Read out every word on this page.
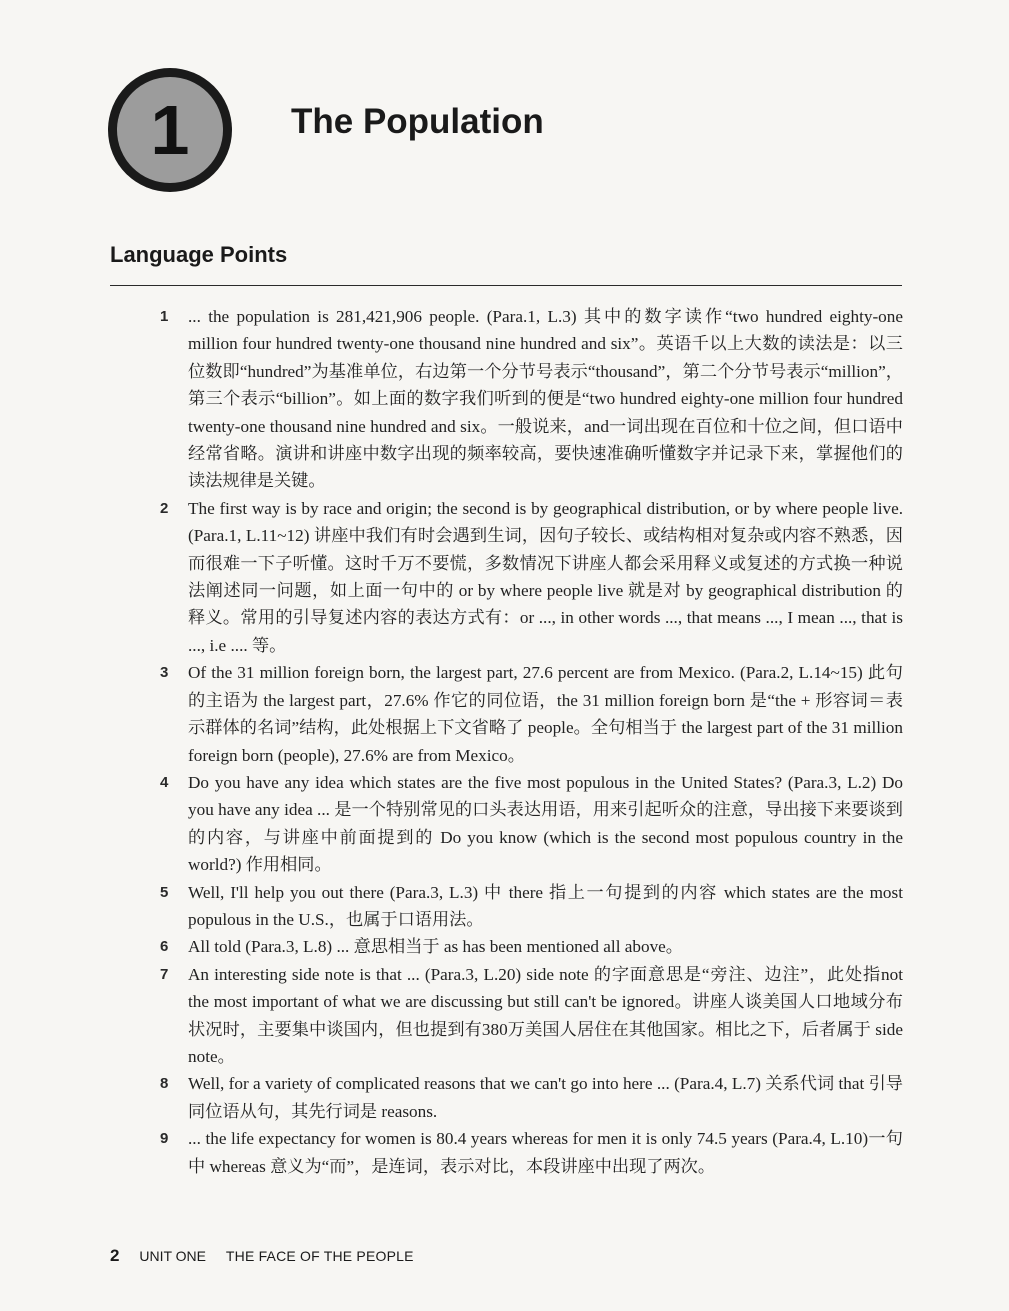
1	The Population
Language Points
1	... the population is 281,421,906 people. (Para.1, L.3) 其中的数字读作“two hundred eighty-one million four hundred twenty-one thousand nine hundred and six”。英语千以上大数的读法是：以三位数即“hundred”为基准单位，右边第一个分节号表示“thousand”，第二个分节号表示“million”，第三个表示“billion”。如上面的数字我们听到的便是“two hundred eighty-one million four hundred twenty-one thousand nine hundred and six。一般说来，and一词出现在百位和十位之间，但口语中经常省略。演讲和讲座中数字出现的频率较高，要快速准确听懂数字并记录下来，掌握他们的读法规律是关键。
2	The first way is by race and origin; the second is by geographical distribution, or by where people live. (Para.1, L.11~12) 讲座中我们有时会遇到生词，因句子较长、或结构相对复杂或内容不熟悉，因而很难一下子听懂。这时千万不要慌，多数情况下讲座人都会采用释义或复述的方式换一种说法阐述同一问题，如上面一句中的 or by where people live 就是对 by geographical distribution 的释义。常用的引导复述内容的表达方式有：or ..., in other words ..., that means ..., I mean ..., that is ..., i.e .... 等。
3	Of the 31 million foreign born, the largest part, 27.6 percent are from Mexico. (Para.2, L.14~15) 此句的主语为 the largest part，27.6% 作它的同位语，the 31 million foreign born 是“the + 形容词＝表示群体的名词”结构，此处根据上下文省略了 people。全句相当于 the largest part of the 31 million foreign born (people), 27.6% are from Mexico。
4	Do you have any idea which states are the five most populous in the United States? (Para.3, L.2) Do you have any idea ... 是一个特别常见的口头表达用语，用来引起听众的注意，导出接下来要谈到的内容，与讲座中前面提到的 Do you know (which is the second most populous country in the world?) 作用相同。
5	Well, I'll help you out there (Para.3, L.3) 中 there 指上一句提到的内容 which states are the most populous in the U.S.，也属于口语用法。
6	All told (Para.3, L.8) ... 意思相当于 as has been mentioned all above。
7	An interesting side note is that ... (Para.3, L.20) side note 的字面意思是“旁注、边注”，此处指not the most important of what we are discussing but still can't be ignored。讲座人谈美国人口地域分布状况时，主要集中谈国内，但也提到有380万美国人居住在其他国家。相比之下，后者属于 side note。
8	Well, for a variety of complicated reasons that we can't go into here ... (Para.4, L.7) 关系代词 that 引导同位语从句，其先行词是 reasons.
9	... the life expectancy for women is 80.4 years whereas for men it is only 74.5 years (Para.4, L.10)一句中 whereas 意义为“而”，是连词，表示对比，本段讲座中出现了两次。
2 UNIT ONE THE FACE OF THE PEOPLE
